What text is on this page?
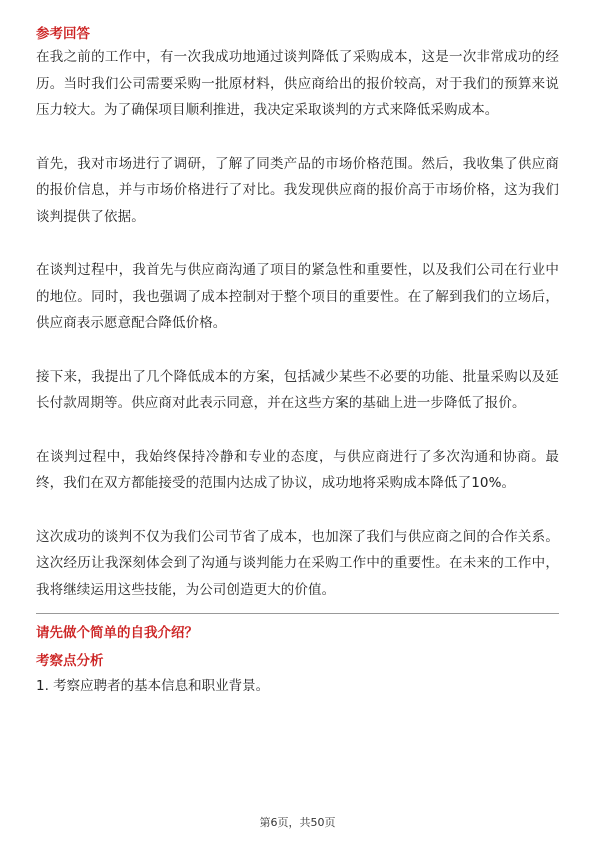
参考回答

在我之前的工作中，有一次我成功地通过谈判降低了采购成本，这是一次非常成功的经历。当时我们公司需要采购一批原材料，供应商给出的报价较高，对于我们的预算来说压力较大。为了确保项目顺利推进，我决定采取谈判的方式来降低采购成本。

首先，我对市场进行了调研，了解了同类产品的市场价格范围。然后，我收集了供应商的报价信息，并与市场价格进行了对比。我发现供应商的报价高于市场价格，这为我们谈判提供了依据。

在谈判过程中，我首先与供应商沟通了项目的紧急性和重要性，以及我们公司在行业中的地位。同时，我也强调了成本控制对于整个项目的重要性。在了解到我们的立场后，供应商表示愿意配合降低价格。

接下来，我提出了几个降低成本的方案，包括减少某些不必要的功能、批量采购以及延长付款周期等。供应商对此表示同意，并在这些方案的基础上进一步降低了报价。

在谈判过程中，我始终保持冷静和专业的态度，与供应商进行了多次沟通和协商。最终，我们在双方都能接受的范围内达成了协议，成功地将采购成本降低了10%。

这次成功的谈判不仅为我们公司节省了成本，也加深了我们与供应商之间的合作关系。这次经历让我深刻体会到了沟通与谈判能力在采购工作中的重要性。在未来的工作中，我将继续运用这些技能，为公司创造更大的价值。

请先做个简单的自我介绍？
考察点分析

1. 考察应聘者的基本信息和职业背景。

第6页，共50页
